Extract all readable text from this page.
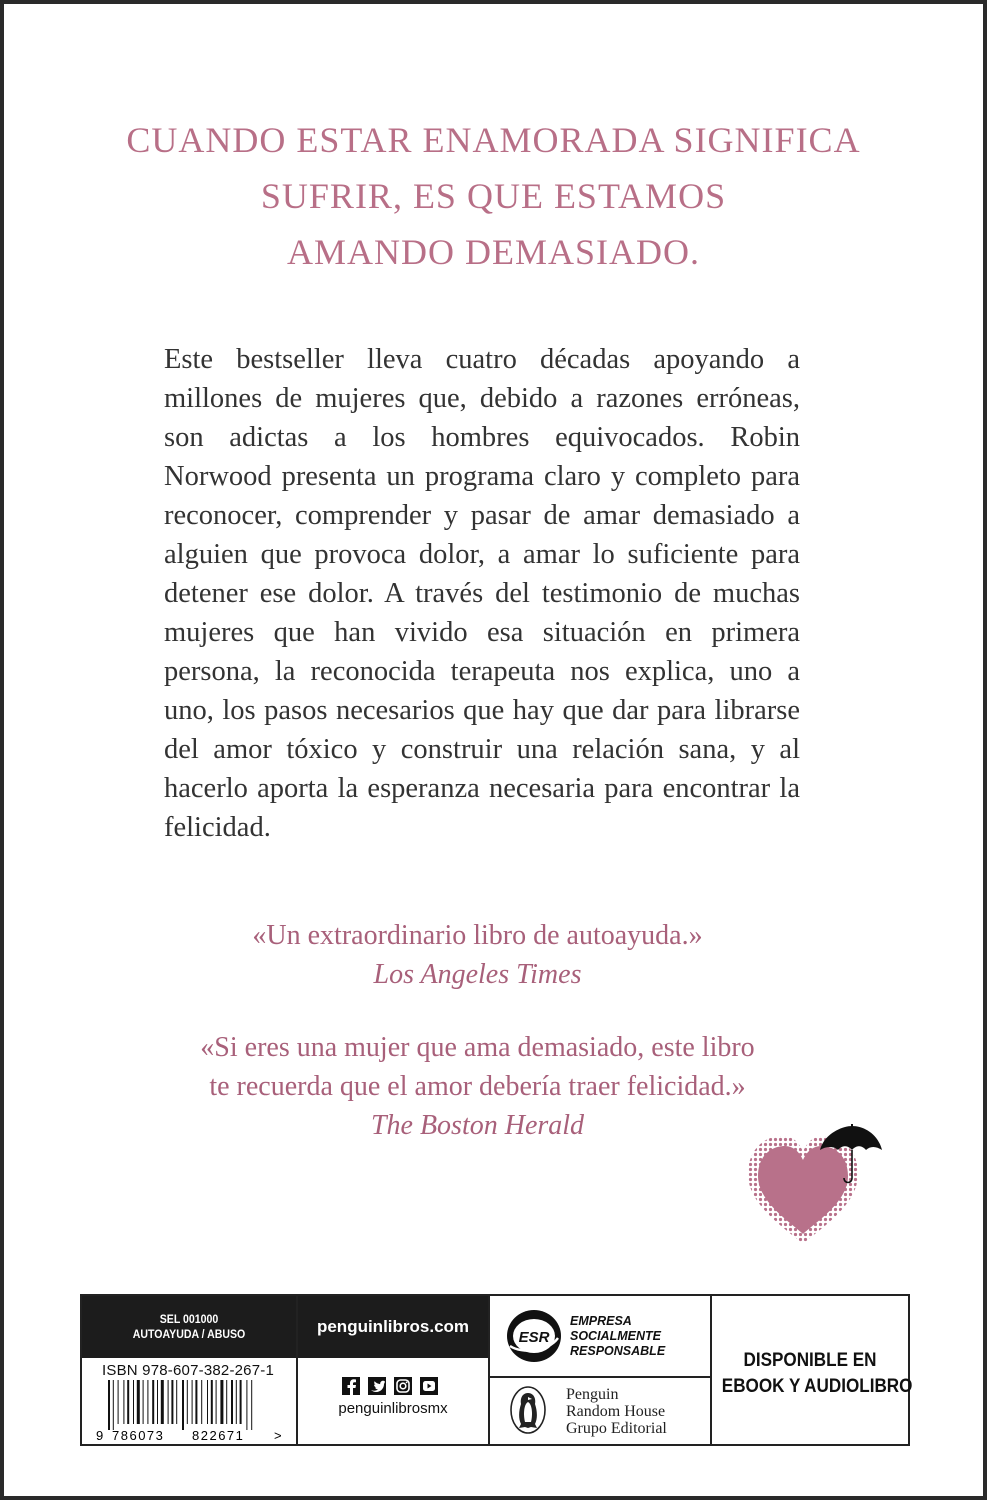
CUANDO ESTAR ENAMORADA SIGNIFICA
SUFRIR, ES QUE ESTAMOS
AMANDO DEMASIADO.

Este bestseller lleva cuatro décadas apoyando a millones de mujeres que, debido a razones erróneas, son adictas a los hombres equivocados. Robin Norwood presenta un programa claro y completo para reconocer, comprender y pasar de amar demasiado a alguien que provoca dolor, a amar lo suficiente para detener ese dolor. A través del testimonio de muchas mujeres que han vivido esa situación en primera persona, la reconocida terapeuta nos explica, uno a uno, los pasos necesarios que hay que dar para librarse del amor tóxico y construir una relación sana, y al hacerlo aporta la esperanza necesaria para encontrar la felicidad.

«Un extraordinario libro de autoayuda.»
Los Angeles Times
«Si eres una mujer que ama demasiado, este libro
te recuerda que el amor debería traer felicidad.»
The Boston Herald
SEL 001000
AUTOAYUDA / ABUSO
ISBN 978-607-382-267-1
9 786073 822671 >
penguinlibros.com
penguinlibrosmx
ESR
EMPRESA
SOCIALMENTE
RESPONSABLE
Penguin
Random House
Grupo Editorial
DISPONIBLE EN
EBOOK Y AUDIOLIBRO
